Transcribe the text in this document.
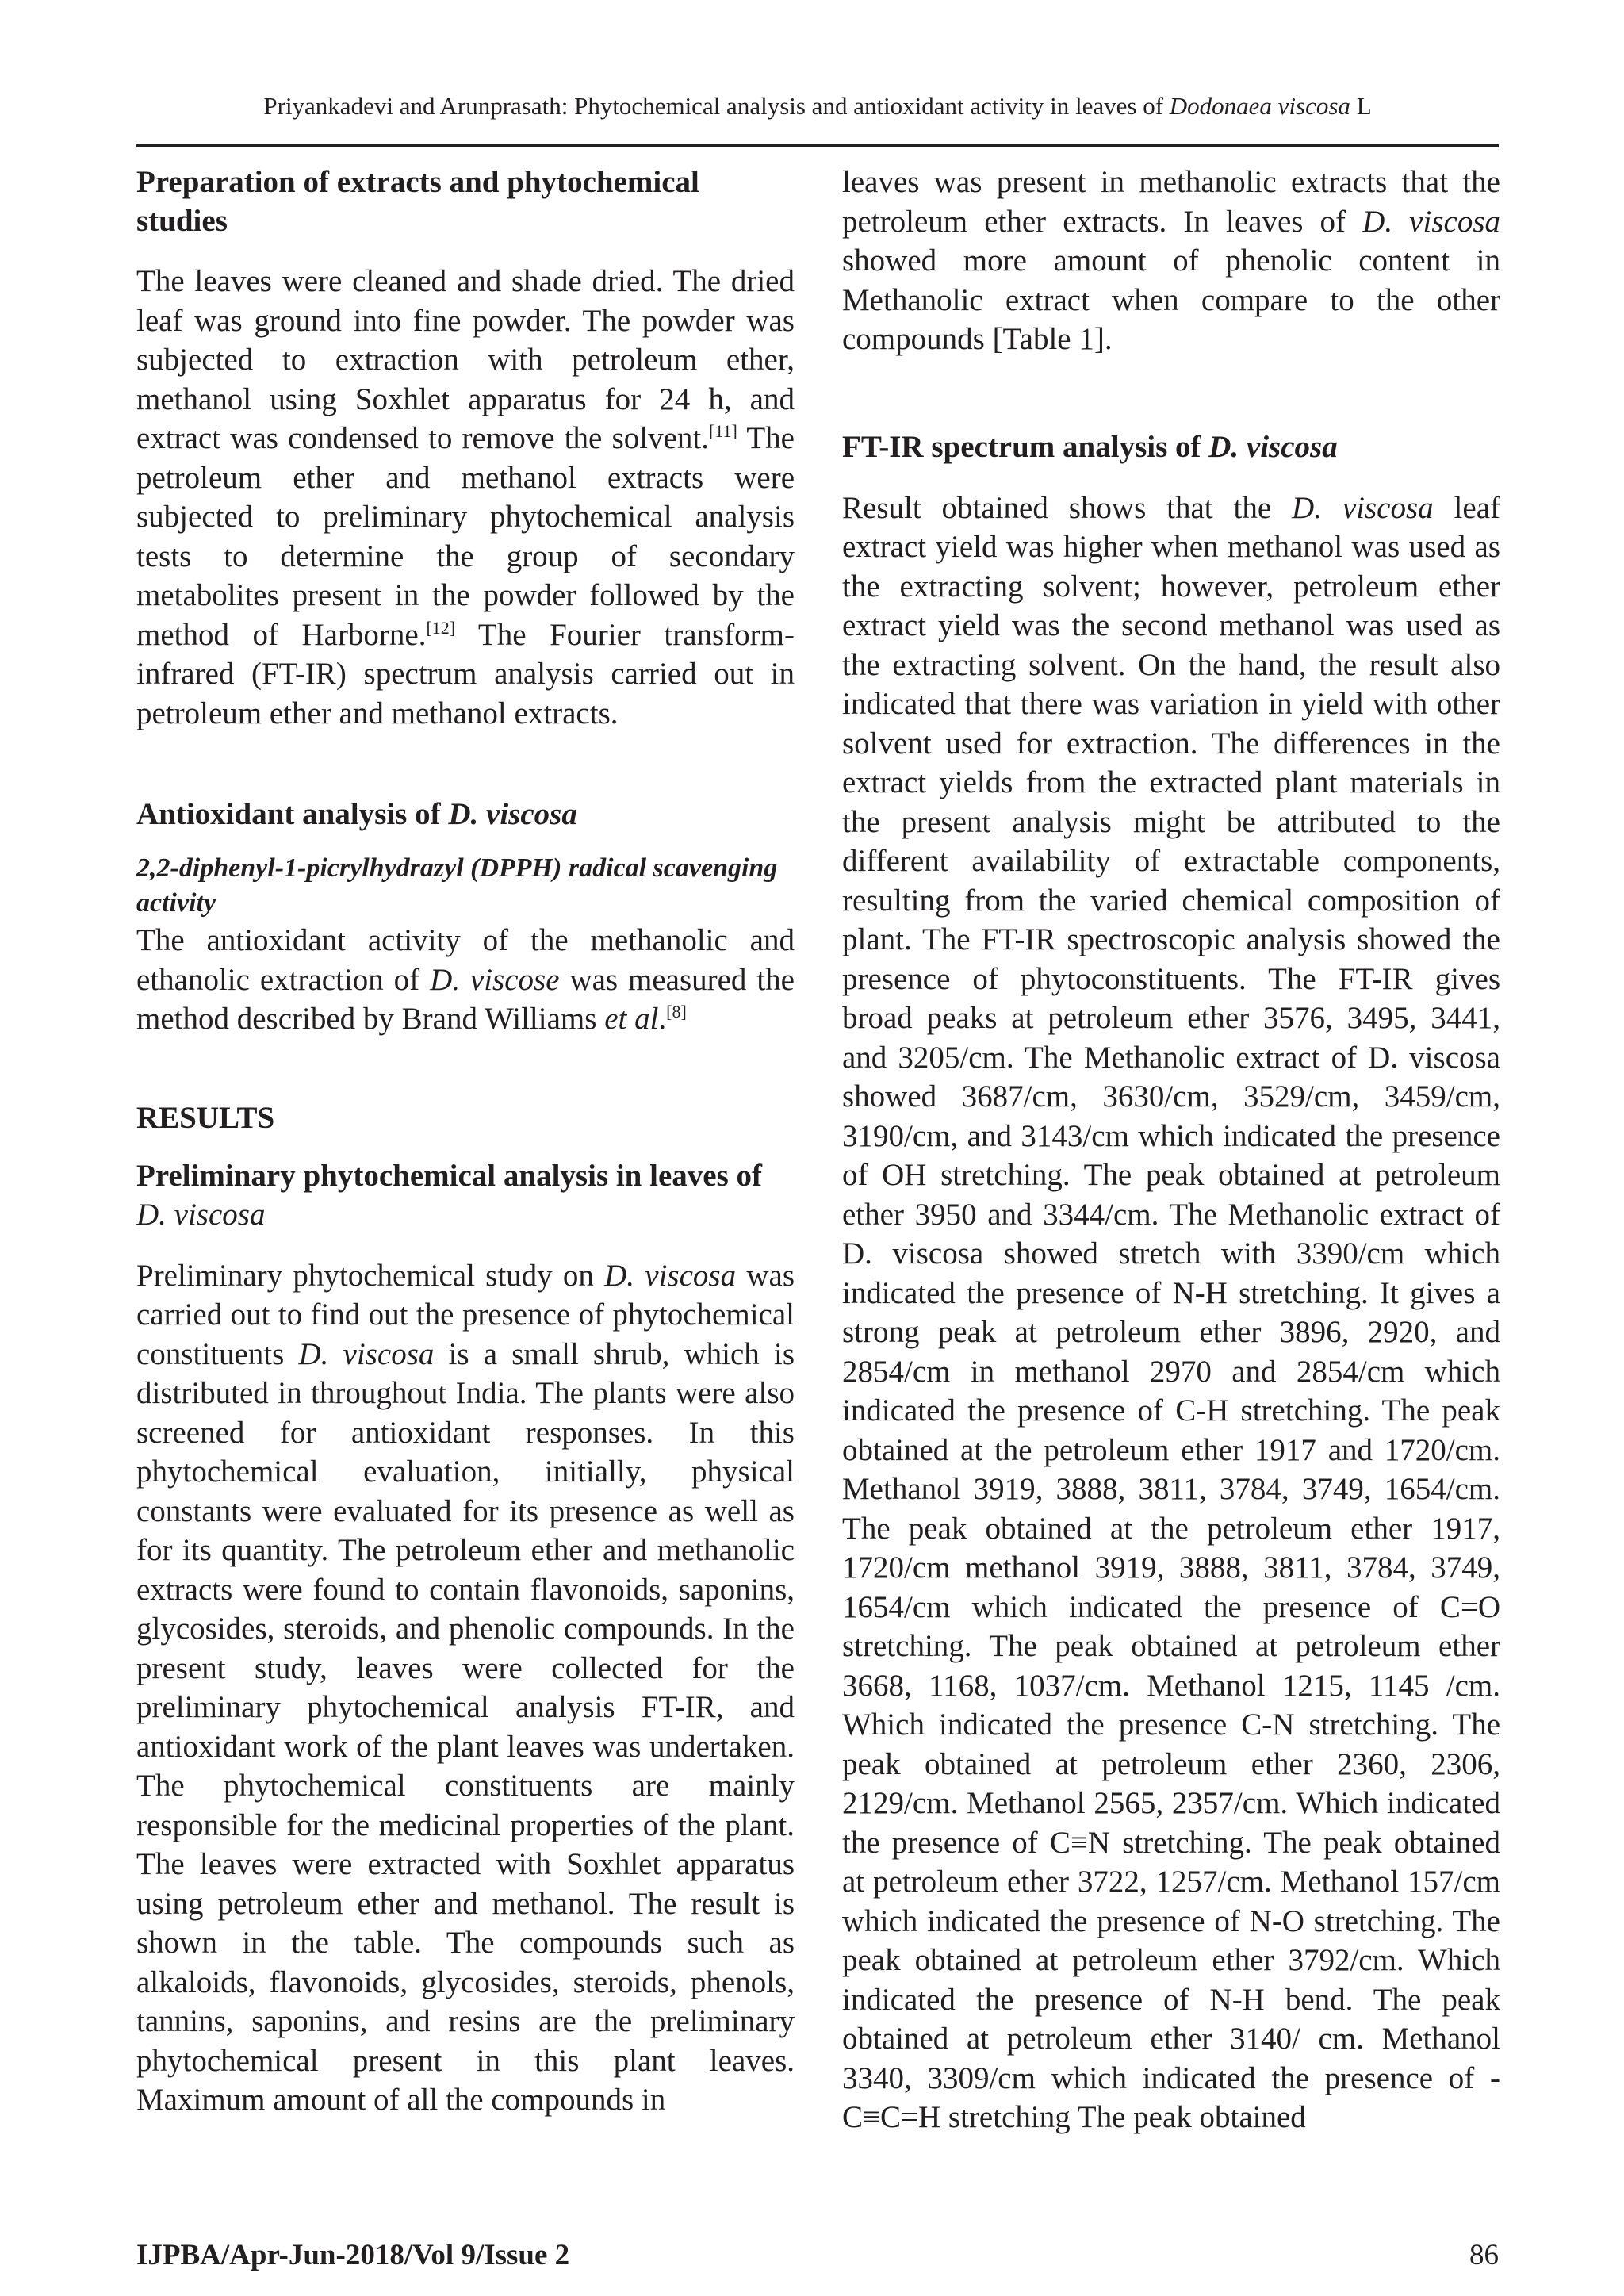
Priyankadevi and Arunprasath: Phytochemical analysis and antioxidant activity in leaves of Dodonaea viscosa L
Preparation of extracts and phytochemical studies

The leaves were cleaned and shade dried. The dried leaf was ground into fine powder. The powder was subjected to extraction with petroleum ether, methanol using Soxhlet apparatus for 24 h, and extract was condensed to remove the solvent.[11] The petroleum ether and methanol extracts were subjected to preliminary phytochemical analysis tests to determine the group of secondary metabolites present in the powder followed by the method of Harborne.[12] The Fourier transform-infrared (FT-IR) spectrum analysis carried out in petroleum ether and methanol extracts.

Antioxidant analysis of D. viscosa
2,2-diphenyl-1-picrylhydrazyl (DPPH) radical scavenging activity

The antioxidant activity of the methanolic and ethanolic extraction of D. viscose was measured the method described by Brand Williams et al.[8]

RESULTS
Preliminary phytochemical analysis in leaves of D. viscosa

Preliminary phytochemical study on D. viscosa was carried out to find out the presence of phytochemical constituents D. viscosa is a small shrub, which is distributed in throughout India. The plants were also screened for antioxidant responses. In this phytochemical evaluation, initially, physical constants were evaluated for its presence as well as for its quantity. The petroleum ether and methanolic extracts were found to contain flavonoids, saponins, glycosides, steroids, and phenolic compounds. In the present study, leaves were collected for the preliminary phytochemical analysis FT-IR, and antioxidant work of the plant leaves was undertaken. The phytochemical constituents are mainly responsible for the medicinal properties of the plant. The leaves were extracted with Soxhlet apparatus using petroleum ether and methanol. The result is shown in the table. The compounds such as alkaloids, flavonoids, glycosides, steroids, phenols, tannins, saponins, and resins are the preliminary phytochemical present in this plant leaves. Maximum amount of all the compounds in

leaves was present in methanolic extracts that the petroleum ether extracts. In leaves of D. viscosa showed more amount of phenolic content in Methanolic extract when compare to the other compounds [Table 1].

FT-IR spectrum analysis of D. viscosa

Result obtained shows that the D. viscosa leaf extract yield was higher when methanol was used as the extracting solvent; however, petroleum ether extract yield was the second methanol was used as the extracting solvent. On the hand, the result also indicated that there was variation in yield with other solvent used for extraction. The differences in the extract yields from the extracted plant materials in the present analysis might be attributed to the different availability of extractable components, resulting from the varied chemical composition of plant. The FT-IR spectroscopic analysis showed the presence of phytoconstituents. The FT-IR gives broad peaks at petroleum ether 3576, 3495, 3441, and 3205/cm. The Methanolic extract of D. viscosa showed 3687/cm, 3630/cm, 3529/cm, 3459/cm, 3190/cm, and 3143/cm which indicated the presence of OH stretching. The peak obtained at petroleum ether 3950 and 3344/cm. The Methanolic extract of D. viscosa showed stretch with 3390/cm which indicated the presence of N-H stretching. It gives a strong peak at petroleum ether 3896, 2920, and 2854/cm in methanol 2970 and 2854/cm which indicated the presence of C-H stretching. The peak obtained at the petroleum ether 1917 and 1720/cm. Methanol 3919, 3888, 3811, 3784, 3749, 1654/cm. The peak obtained at the petroleum ether 1917, 1720/cm methanol 3919, 3888, 3811, 3784, 3749, 1654/cm which indicated the presence of C=O stretching. The peak obtained at petroleum ether 3668, 1168, 1037/cm. Methanol 1215, 1145 /cm. Which indicated the presence C-N stretching. The peak obtained at petroleum ether 2360, 2306, 2129/cm. Methanol 2565, 2357/cm. Which indicated the presence of C≡N stretching. The peak obtained at petroleum ether 3722, 1257/cm. Methanol 157/cm which indicated the presence of N-O stretching. The peak obtained at petroleum ether 3792/cm. Which indicated the presence of N-H bend. The peak obtained at petroleum ether 3140/ cm. Methanol 3340, 3309/cm which indicated the presence of - C≡C=H stretching The peak obtained

IJPBA/Apr-Jun-2018/Vol 9/Issue 2	86
